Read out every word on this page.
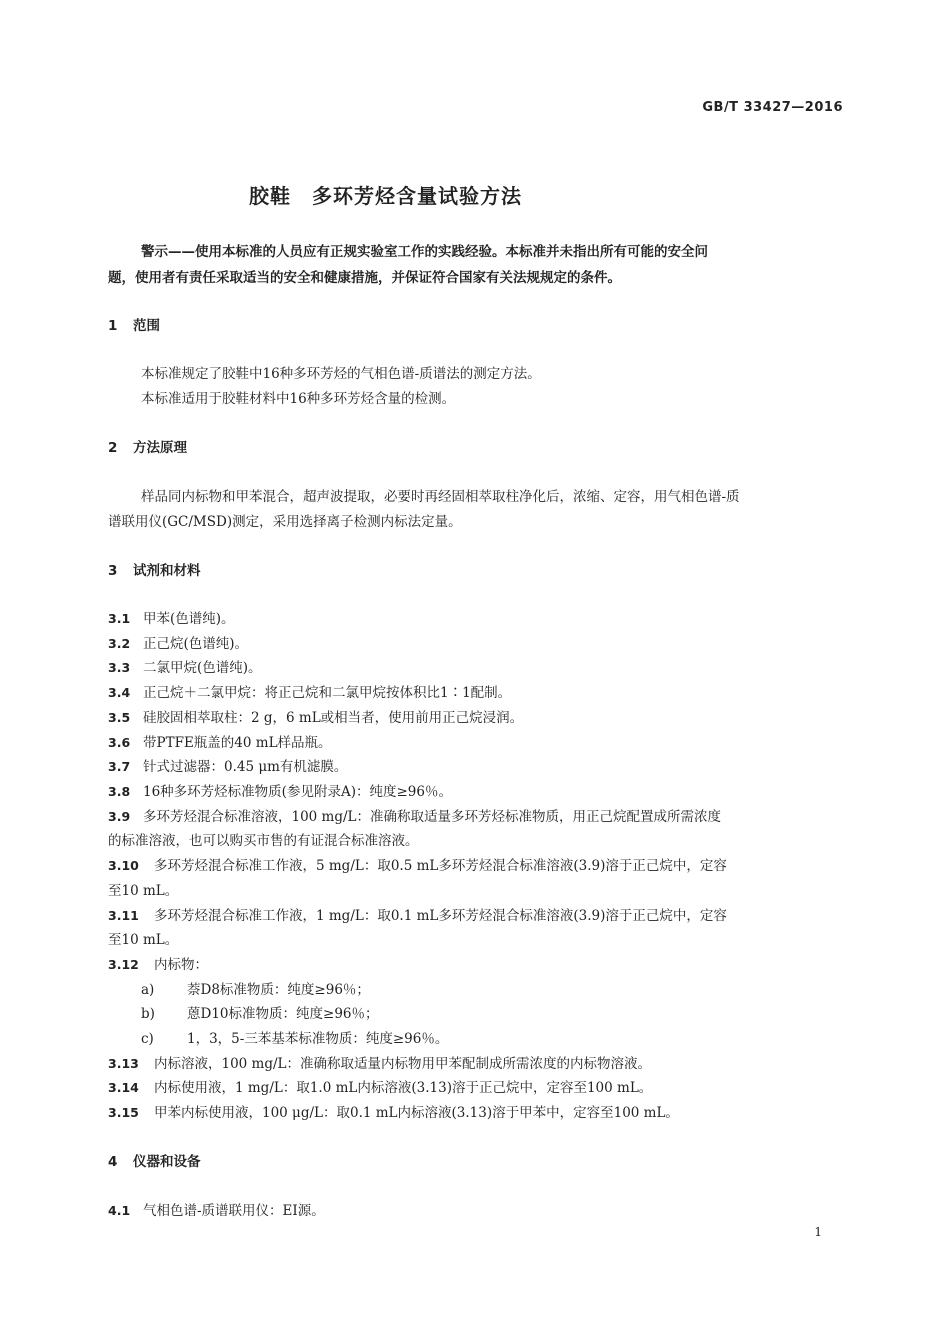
GB/T 33427—2016
胶鞋　多环芳烃含量试验方法
警示——使用本标准的人员应有正规实验室工作的实践经验。本标准并未指出所有可能的安全问
题，使用者有责任采取适当的安全和健康措施，并保证符合国家有关法规规定的条件。
1 范围
本标准规定了胶鞋中16种多环芳烃的气相色谱-质谱法的测定方法。
本标准适用于胶鞋材料中16种多环芳烃含量的检测。
2 方法原理
样品同内标物和甲苯混合，超声波提取，必要时再经固相萃取柱净化后，浓缩、定容，用气相色谱-质
谱联用仪(GC/MSD)测定，采用选择离子检测内标法定量。
3 试剂和材料
3.1 甲苯(色谱纯)。
3.2 正己烷(色谱纯)。
3.3 二氯甲烷(色谱纯)。
3.4 正己烷＋二氯甲烷：将正己烷和二氯甲烷按体积比1∶1配制。
3.5 硅胶固相萃取柱：2 g，6 mL或相当者，使用前用正己烷浸润。
3.6 带PTFE瓶盖的40 mL样品瓶。
3.7 针式过滤器：0.45 μm有机滤膜。
3.8 16种多环芳烃标准物质(参见附录A)：纯度≥96％。
3.9 多环芳烃混合标准溶液，100 mg/L：准确称取适量多环芳烃标准物质，用正己烷配置成所需浓度
的标准溶液，也可以购买市售的有证混合标准溶液。
3.10 多环芳烃混合标准工作液，5 mg/L：取0.5 mL多环芳烃混合标准溶液(3.9)溶于正己烷中，定容
至10 mL。
3.11 多环芳烃混合标准工作液，1 mg/L：取0.1 mL多环芳烃混合标准溶液(3.9)溶于正己烷中，定容
至10 mL。
3.12 内标物：
a) 萘D8标准物质：纯度≥96％；
b) 蒽D10标准物质：纯度≥96％；
c) 1，3，5-三苯基苯标准物质：纯度≥96％。
3.13 内标溶液，100 mg/L：准确称取适量内标物用甲苯配制成所需浓度的内标物溶液。
3.14 内标使用液，1 mg/L：取1.0 mL内标溶液(3.13)溶于正己烷中，定容至100 mL。
3.15 甲苯内标使用液，100 μg/L：取0.1 mL内标溶液(3.13)溶于甲苯中，定容至100 mL。
4 仪器和设备
4.1 气相色谱-质谱联用仪：EI源。
1
